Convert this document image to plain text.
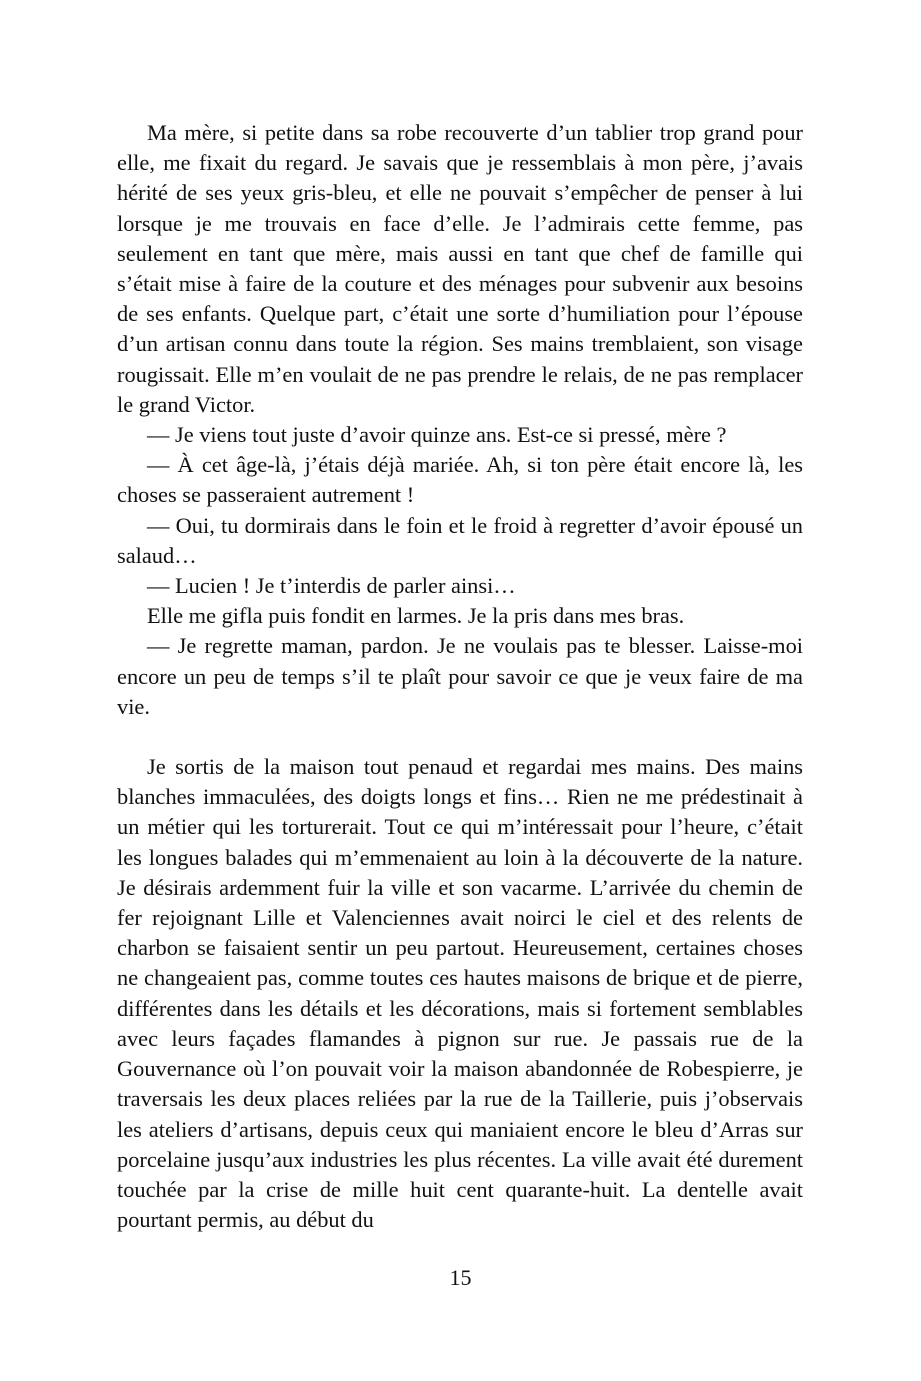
Ma mère, si petite dans sa robe recouverte d’un tablier trop grand pour elle, me fixait du regard. Je savais que je ressemblais à mon père, j’avais hérité de ses yeux gris-bleu, et elle ne pouvait s’empêcher de penser à lui lorsque je me trouvais en face d’elle. Je l’admirais cette femme, pas seulement en tant que mère, mais aussi en tant que chef de famille qui s’était mise à faire de la couture et des ménages pour subvenir aux besoins de ses enfants. Quelque part, c’était une sorte d’humiliation pour l’épouse d’un artisan connu dans toute la région. Ses mains tremblaient, son visage rougissait. Elle m’en voulait de ne pas prendre le relais, de ne pas remplacer le grand Victor.

— Je viens tout juste d’avoir quinze ans. Est-ce si pressé, mère ?

— À cet âge-là, j’étais déjà mariée. Ah, si ton père était encore là, les choses se passeraient autrement !

— Oui, tu dormirais dans le foin et le froid à regretter d’avoir épousé un salaud…

— Lucien ! Je t’interdis de parler ainsi…

Elle me gifla puis fondit en larmes. Je la pris dans mes bras.

— Je regrette maman, pardon. Je ne voulais pas te blesser. Laisse-moi encore un peu de temps s’il te plaît pour savoir ce que je veux faire de ma vie.

Je sortis de la maison tout penaud et regardai mes mains. Des mains blanches immaculées, des doigts longs et fins… Rien ne me prédestinait à un métier qui les torturerait. Tout ce qui m’intéressait pour l’heure, c’était les longues balades qui m’emmenaient au loin à la découverte de la nature. Je désirais ardemment fuir la ville et son vacarme. L’arrivée du chemin de fer rejoignant Lille et Valenciennes avait noirci le ciel et des relents de charbon se faisaient sentir un peu partout. Heureusement, certaines choses ne changeaient pas, comme toutes ces hautes maisons de brique et de pierre, différentes dans les détails et les décorations, mais si fortement semblables avec leurs façades flamandes à pignon sur rue. Je passais rue de la Gouvernance où l’on pouvait voir la maison abandonnée de Robespierre, je traversais les deux places reliées par la rue de la Taillerie, puis j’observais les ateliers d’artisans, depuis ceux qui maniaient encore le bleu d’Arras sur porcelaine jusqu’aux industries les plus récentes. La ville avait été durement touchée par la crise de mille huit cent quarante-huit. La dentelle avait pourtant permis, au début du

15
